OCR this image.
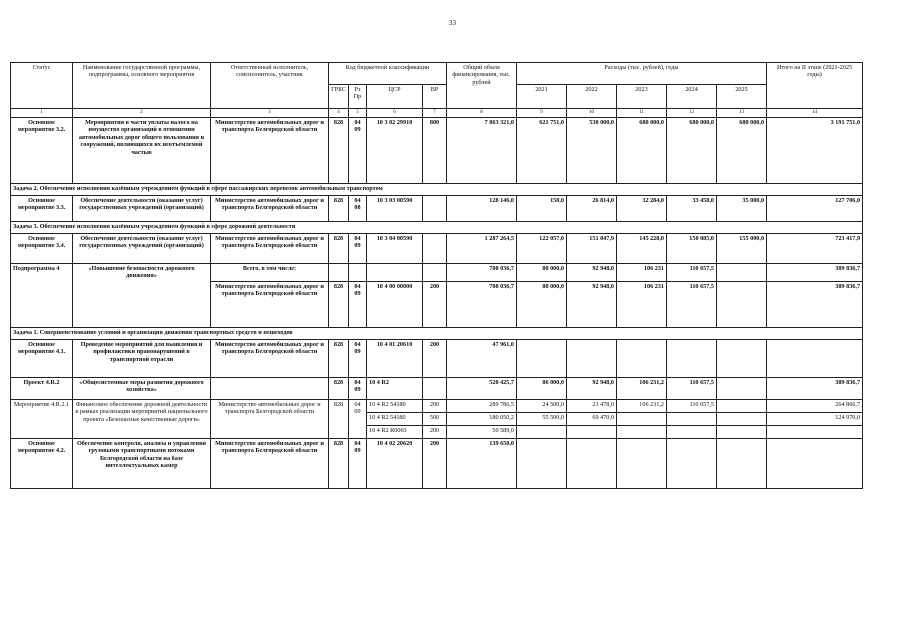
33
Статус	Наименование государственной программы, подпрограммы, основного мероприятия	Ответственный исполнитель, соисполнитель, участник	Код бюджетной классификации				Общий объем финансирования, тыс. рублей	Расходы (тыс. рублей), годы					Итого на II этапе (2021-2025 годы)
			ГРБС	Рз Пр	ЦСР	ВР		2021	2022	2023	2024	2025	
1	2	3	4	5	6	7	8	9	10	11	12	13	14
Основное мероприятие 3.2.	Мероприятия в части уплаты налога на имущество организаций в отношении автомобильных дорог общего пользования и сооружений, являющихся их неотъемлемой частью	Министерство автомобильных дорог и транспорта Белгородской области	828	04 09	10 3 02 29910	800	7 863 321,0	621 751,0	530 000,0	680 000,0	680 000,0	680 000,0	3 191 751,0
Задача 2. Обеспечение исполнения казённым учреждением функций в сфере пассажирских перевозок автомобильным транспортом													
Основное мероприятие 3.3.	Обеспечение деятельности (оказание услуг) государственных учреждений (организаций)	Министерство автомобильных дорог и транспорта Белгородской области	828	04 08	10 3 03 00590		128 146,0	150,0	26 814,0	32 284,0	33 458,0	35 000,0	127 706,0
Задача 3. Обеспечение исполнения казённым учреждением функций в сфере дорожной деятельности													
Основное мероприятие 3.4.	Обеспечение деятельности (оказание услуг) государственных учреждений (организаций)	Министерство автомобильных дорог и транспорта Белгородской области	828	04 09	10 3 04 00590		1 287 264,5	122 057,0	151 047,9	145 228,0	150 085,0	155 000,0	723 417,9
Подпрограмма 4	«Повышение безопасности дорожного движения»	Всего, в том числе:					708 036,7	80 000,0	92 948,0	106 231	110 657,5		389 836,7
		Министерство автомобильных дорог и транспорта Белгородской области	828	04 09	10 4 00 00000	200	708 036,7	80 000,0	92 948,0	106 231	110 657,5		389 836,7
Задача 1. Совершенствование условий и организация движения транспортных средств и пешеходов													
Основное мероприятие 4.1.	Проведение мероприятий для выявления и профилактики правонарушений в транспортной отрасли	Министерство автомобильных дорог и транспорта Белгородской области	828	04 09	10 4 01 20610	200	47 961,0						
Проект 4.R.2	«Общесистемные меры развития дорожного хозяйства»		828	04 09	10 4 R2		520 425,7	86 000,0	92 948,0	106 231,2	110 657,5		389 836,7
Мероприятие 4.R.2.1	Финансовое обеспечение дорожной деятельности в рамках реализации мероприятий национального проекта «Безопасные качественные дороги»	Министерство автомобильных дорог и транспорта Белгородской области	828	04 09	10 4 R2 54180	200	289 786,5	24 500,0	23 478,0	106 231,2	110 657,5		264 866,7
					10 4 R2 54180	500	180 050,2	55 500,0	69 470,0				124 970,0
					10 4 R2 R0003	200	50 589,0						
Основное мероприятие 4.2.	Обеспечение контроля, анализа и управления грузовыми транспортными потоками Белгородской области на базе интеллектуальных камер	Министерство автомобильных дорог и транспорта Белгородской области	828	04 09	10 4 02 20620	200	139 650,0						
